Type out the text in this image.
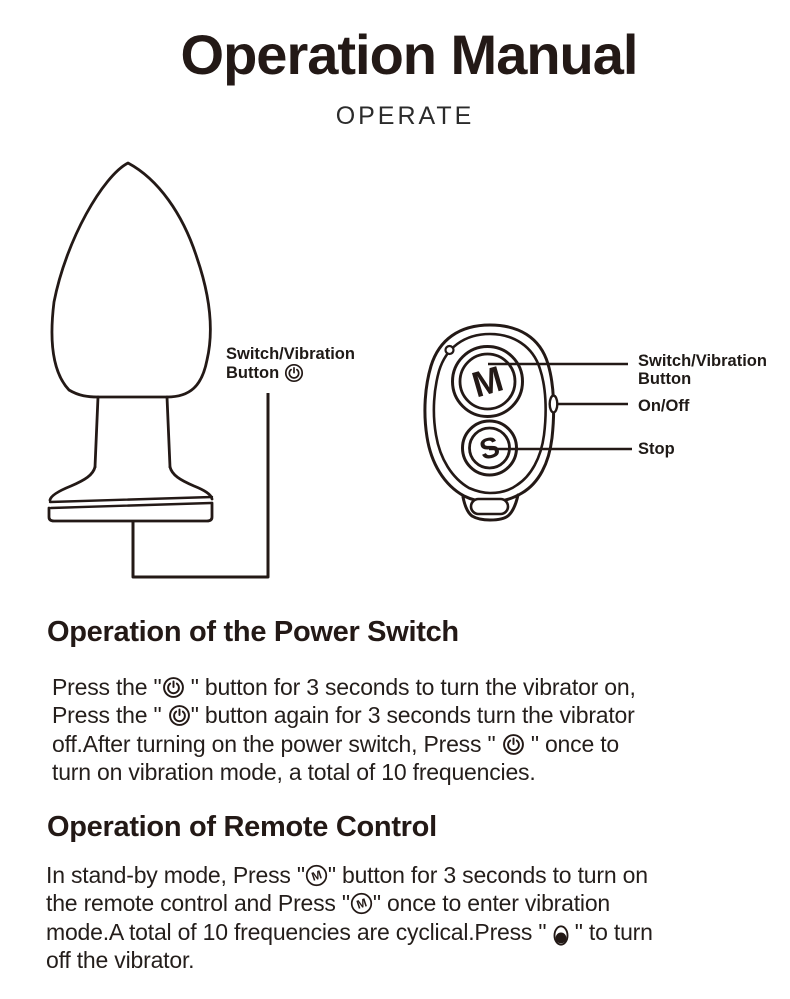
Operation Manual
OPERATE
M
S
Switch/Vibration
Button
Switch/Vibration
Button
On/Off
Stop
Operation of the Power Switch
Press the "
" button for 3 seconds to turn the vibrator on,
Press the "
" button again for 3 seconds turn the vibrator
off.After turning on the power switch, Press "
" once to
turn on vibration mode, a total of 10 frequencies.
Operation of Remote Control
In stand-by mode, Press " M " button for 3 seconds to turn on
the remote control and Press " M " once to enter vibration
mode.A total of 10 frequencies are cyclical.Press "
" to turn
off the vibrator.
